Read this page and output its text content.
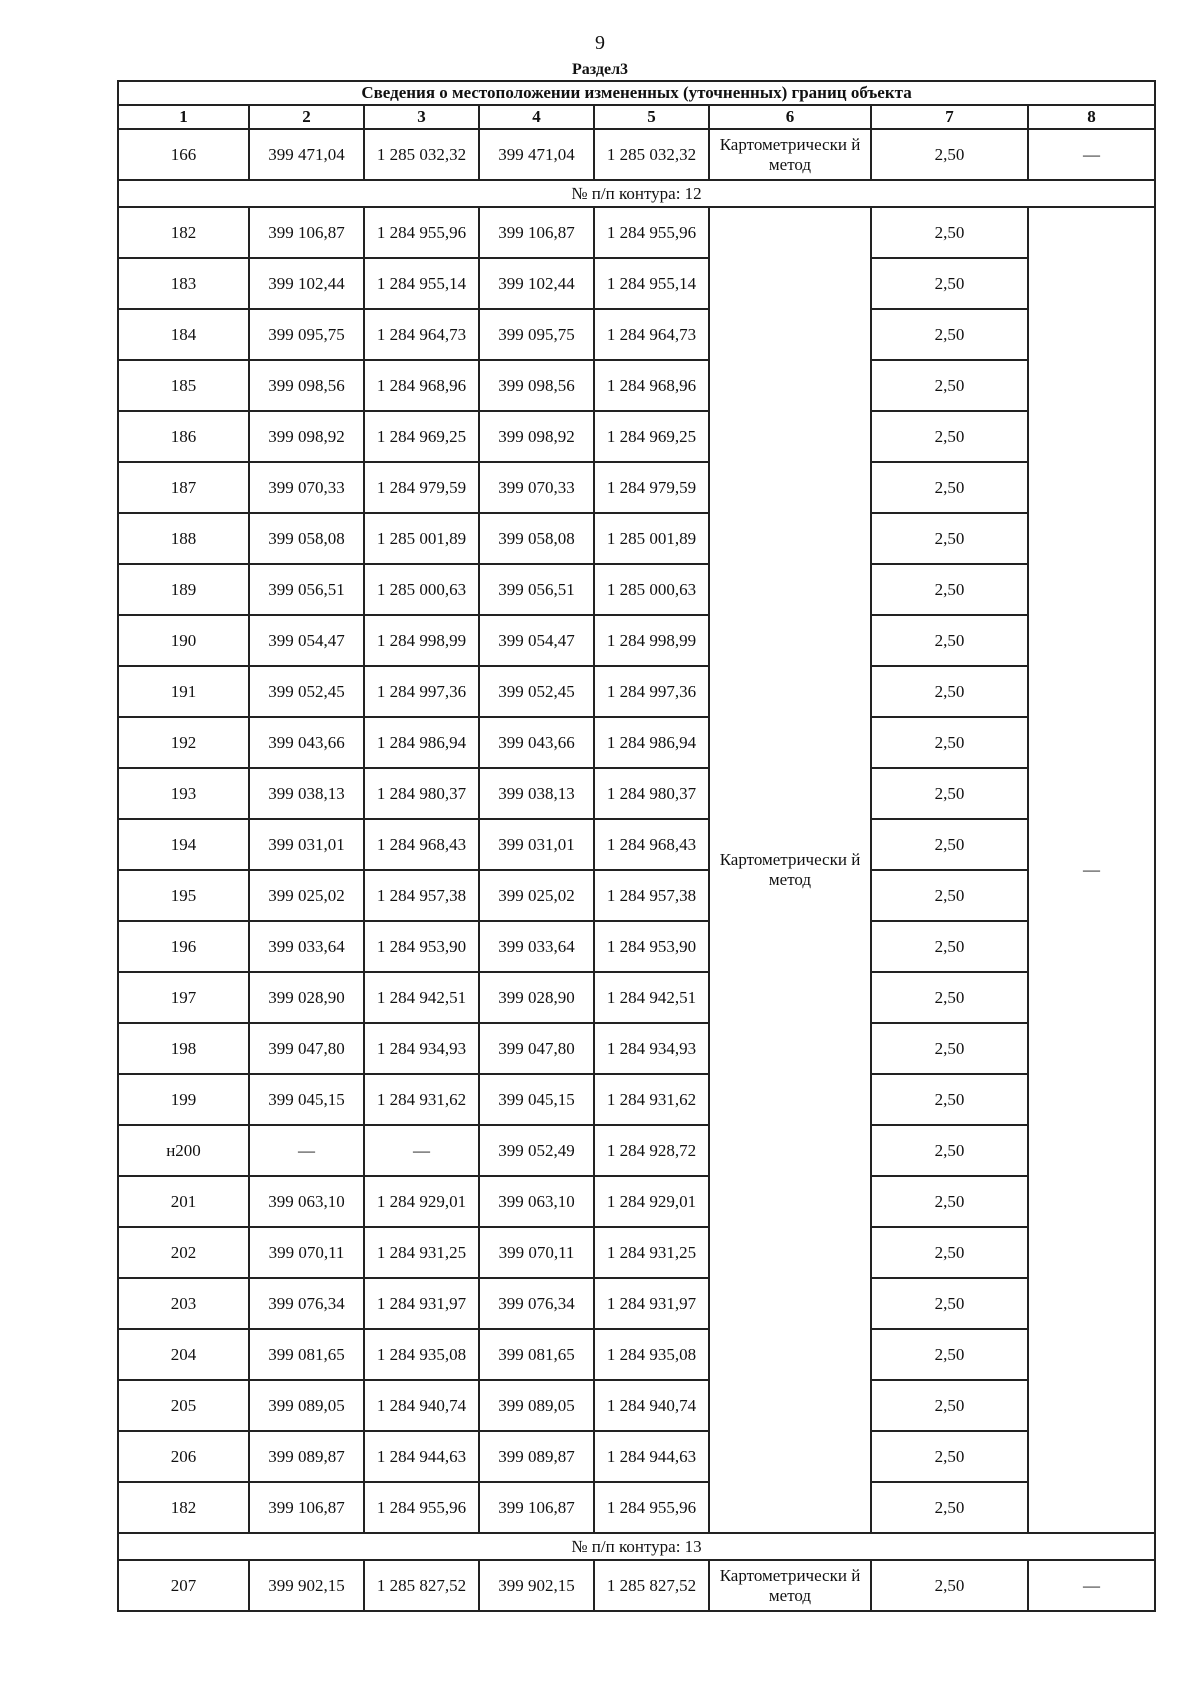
9
Раздел3
Сведения о местоположении измененных (уточненных) границ объекта							
1	2	3	4	5	6	7	8
166	399 471,04	1 285 032,32	399 471,04	1 285 032,32	Картометрически й метод	2,50	—
№ п/п контура: 12							
182	399 106,87	1 284 955,96	399 106,87	1 284 955,96	Картометрически й метод	2,50	—
183	399 102,44	1 284 955,14	399 102,44	1 284 955,14		2,50	
184	399 095,75	1 284 964,73	399 095,75	1 284 964,73		2,50	
185	399 098,56	1 284 968,96	399 098,56	1 284 968,96		2,50	
186	399 098,92	1 284 969,25	399 098,92	1 284 969,25		2,50	
187	399 070,33	1 284 979,59	399 070,33	1 284 979,59		2,50	
188	399 058,08	1 285 001,89	399 058,08	1 285 001,89		2,50	
189	399 056,51	1 285 000,63	399 056,51	1 285 000,63		2,50	
190	399 054,47	1 284 998,99	399 054,47	1 284 998,99		2,50	
191	399 052,45	1 284 997,36	399 052,45	1 284 997,36		2,50	
192	399 043,66	1 284 986,94	399 043,66	1 284 986,94		2,50	
193	399 038,13	1 284 980,37	399 038,13	1 284 980,37		2,50	
194	399 031,01	1 284 968,43	399 031,01	1 284 968,43		2,50	
195	399 025,02	1 284 957,38	399 025,02	1 284 957,38		2,50	
196	399 033,64	1 284 953,90	399 033,64	1 284 953,90		2,50	
197	399 028,90	1 284 942,51	399 028,90	1 284 942,51		2,50	
198	399 047,80	1 284 934,93	399 047,80	1 284 934,93		2,50	
199	399 045,15	1 284 931,62	399 045,15	1 284 931,62		2,50	
н200	—	—	399 052,49	1 284 928,72		2,50	
201	399 063,10	1 284 929,01	399 063,10	1 284 929,01		2,50	
202	399 070,11	1 284 931,25	399 070,11	1 284 931,25		2,50	
203	399 076,34	1 284 931,97	399 076,34	1 284 931,97		2,50	
204	399 081,65	1 284 935,08	399 081,65	1 284 935,08		2,50	
205	399 089,05	1 284 940,74	399 089,05	1 284 940,74		2,50	
206	399 089,87	1 284 944,63	399 089,87	1 284 944,63		2,50	
182	399 106,87	1 284 955,96	399 106,87	1 284 955,96		2,50	
№ п/п контура: 13							
207	399 902,15	1 285 827,52	399 902,15	1 285 827,52	Картометрически й метод	2,50	—
